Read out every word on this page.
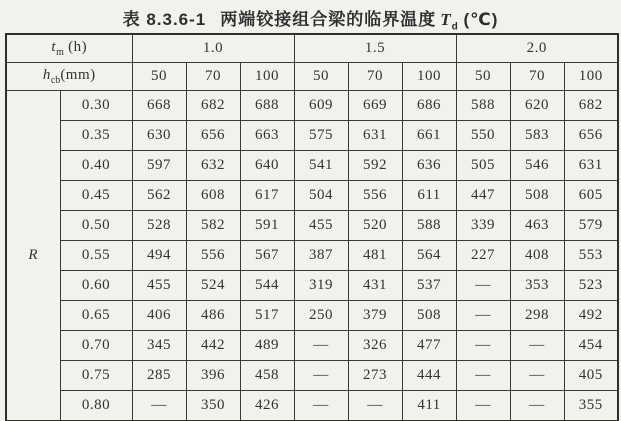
表 8.3.6-1 两端铰接组合梁的临界温度 $T_d$ (℃)
$t_m$ (h)		1.0			1.5			2.0		
$h_{cb}(mm)$		50	70	100	50	70	100	50	70	100
R	0.30	668	682	688	609	669	686	588	620	682
	0.35	630	656	663	575	631	661	550	583	656
	0.40	597	632	640	541	592	636	505	546	631
	0.45	562	608	617	504	556	611	447	508	605
	0.50	528	582	591	455	520	588	339	463	579
	0.55	494	556	567	387	481	564	227	408	553
	0.60	455	524	544	319	431	537	—	353	523
	0.65	406	486	517	250	379	508	—	298	492
	0.70	345	442	489	—	326	477	—	—	454
	0.75	285	396	458	—	273	444	—	—	405
	0.80	—	350	426	—	—	411	—	—	355
